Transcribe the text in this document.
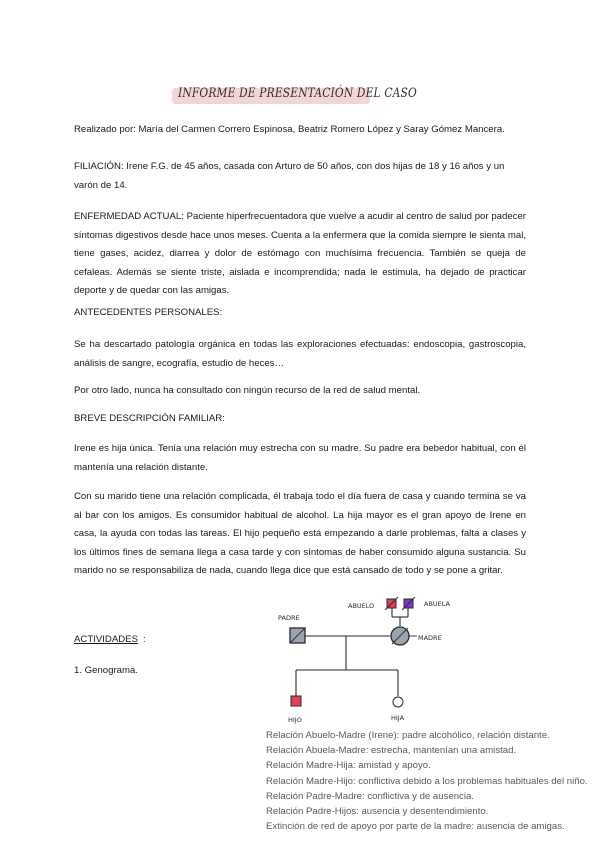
INFORME DE PRESENTACIÓN DEL CASO
Realizado por: María del Carmen Correro Espinosa, Beatriz Romero López y Saray Gómez Mancera.
FILIACIÓN: Irene F.G. de 45 años, casada con Arturo de 50 años, con dos hijas de 18 y 16 años y un varón de 14.
ENFERMEDAD ACTUAL: Paciente hiperfrecuentadora que vuelve a acudir al centro de salud por padecer síntomas digestivos desde hace unos meses. Cuenta a la enfermera que la comida siempre le sienta mal, tiene gases, acidez, diarrea y dolor de estómago con muchísima frecuencia. También se queja de cefaleas. Además se siente triste, aislada e incomprendida; nada le estimula, ha dejado de practicar deporte y de quedar con las amigas.
ANTECEDENTES PERSONALES:
Se ha descartado patología orgánica en todas las exploraciones efectuadas: endoscopia, gastroscopia, análisis de sangre, ecografía, estudio de heces…
Por otro lado, nunca ha consultado con ningún recurso de la red de salud mental.
BREVE DESCRIPCIÓN FAMILIAR:
Irene es hija única. Tenía una relación muy estrecha con su madre. Su padre era bebedor habitual, con él mantenía una relación distante.
Con su marido tiene una relación complicada, él trabaja todo el día fuera de casa y cuando termina se va al bar con los amigos. Es consumidor habitual de alcohol. La hija mayor es el gran apoyo de Irene en casa, la ayuda con todas las tareas. El hijo pequeño está empezando a darle problemas, falta a clases y los últimos fines de semana llega a casa tarde y con síntomas de haber consumido alguna sustancia. Su marido no se responsabiliza de nada, cuando llega dice que está cansado de todo y se pone a gritar.
ACTIVIDADES :
1. Genograma.
PADRE
ABUELO	ABUELA
MADRE
HIJO	HIJA
Relación Abuelo-Madre (Irene): padre alcohólico, relación distante.
Relación Abuela-Madre: estrecha, mantenían una amistad.
Relación Madre-Hija: amistad y apoyo.
Relación Madre-Hijo: conflictiva debido a los problemas habituales del niño.
Relación Padre-Madre: conflictiva y de ausencia.
Relación Padre-Hijos: ausencia y desentendimiento.
Extinción de red de apoyo por parte de la madre: ausencia de amigas.
